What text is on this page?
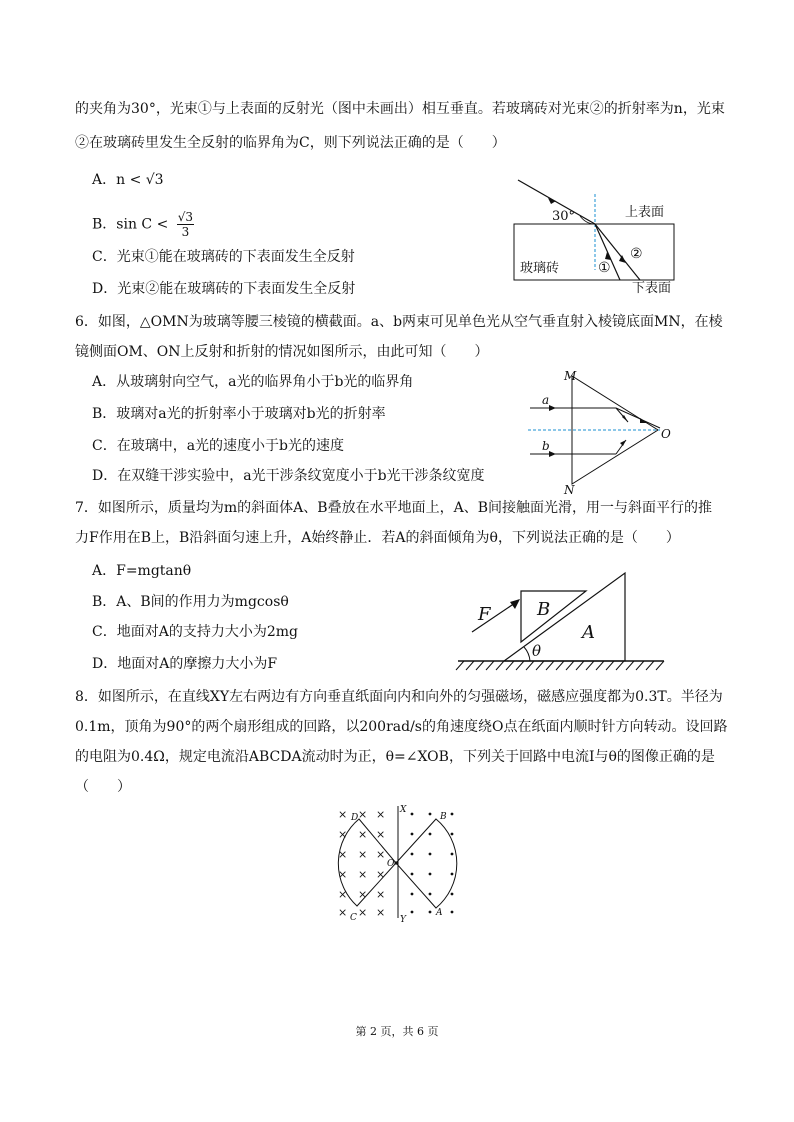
的夹角为30°，光束①与上表面的反射光（图中未画出）相互垂直。若玻璃砖对光束②的折射率为n，光束
②在玻璃砖里发生全反射的临界角为C，则下列说法正确的是（　　）
A．n < √3
B．$\sin C < \frac{√3}{3}$
C．光束①能在玻璃砖的下表面发生全反射
D．光束②能在玻璃砖的下表面发生全反射
30°	上表面
下表面
玻璃砖	①
②
6．如图，△OMN为玻璃等腰三棱镜的横截面。a、b两束可见单色光从空气垂直射入棱镜底面MN，在棱
镜侧面OM、ON上反射和折射的情况如图所示，由此可知（　　）
A．从玻璃射向空气，a光的临界角小于b光的临界角
B．玻璃对a光的折射率小于玻璃对b光的折射率
C．在玻璃中，a光的速度小于b光的速度
D．在双缝干涉实验中，a光干涉条纹宽度小于b光干涉条纹宽度
M
N
O
a
b
7．如图所示，质量均为m的斜面体A、B叠放在水平地面上，A、B间接触面光滑，用一与斜面平行的推
力F作用在B上，B沿斜面匀速上升，A始终静止．若A的斜面倾角为θ，下列说法正确的是（　　）
A．F=mgtanθ
B．A、B间的作用力为mgcosθ
C．地面对A的支持力大小为2mg
D．地面对A的摩擦力大小为F
F	B
A
θ
8．如图所示，在直线XY左右两边有方向垂直纸面向内和向外的匀强磁场，磁感应强度都为0.3T。半径为
0.1m，顶角为90°的两个扇形组成的回路，以200rad/s的角速度绕O点在纸面内顺时针方向转动。设回路
的电阻为0.4Ω，规定电流沿ABCDA流动时为正，θ=∠XOB，下列关于回路中电流I与θ的图像正确的是
（　　）
× × ×
× × ×
× × ×
× × ×
× × ×
× × ×
X
Y
O
B
A
C
D
第 2 页，共 6 页
